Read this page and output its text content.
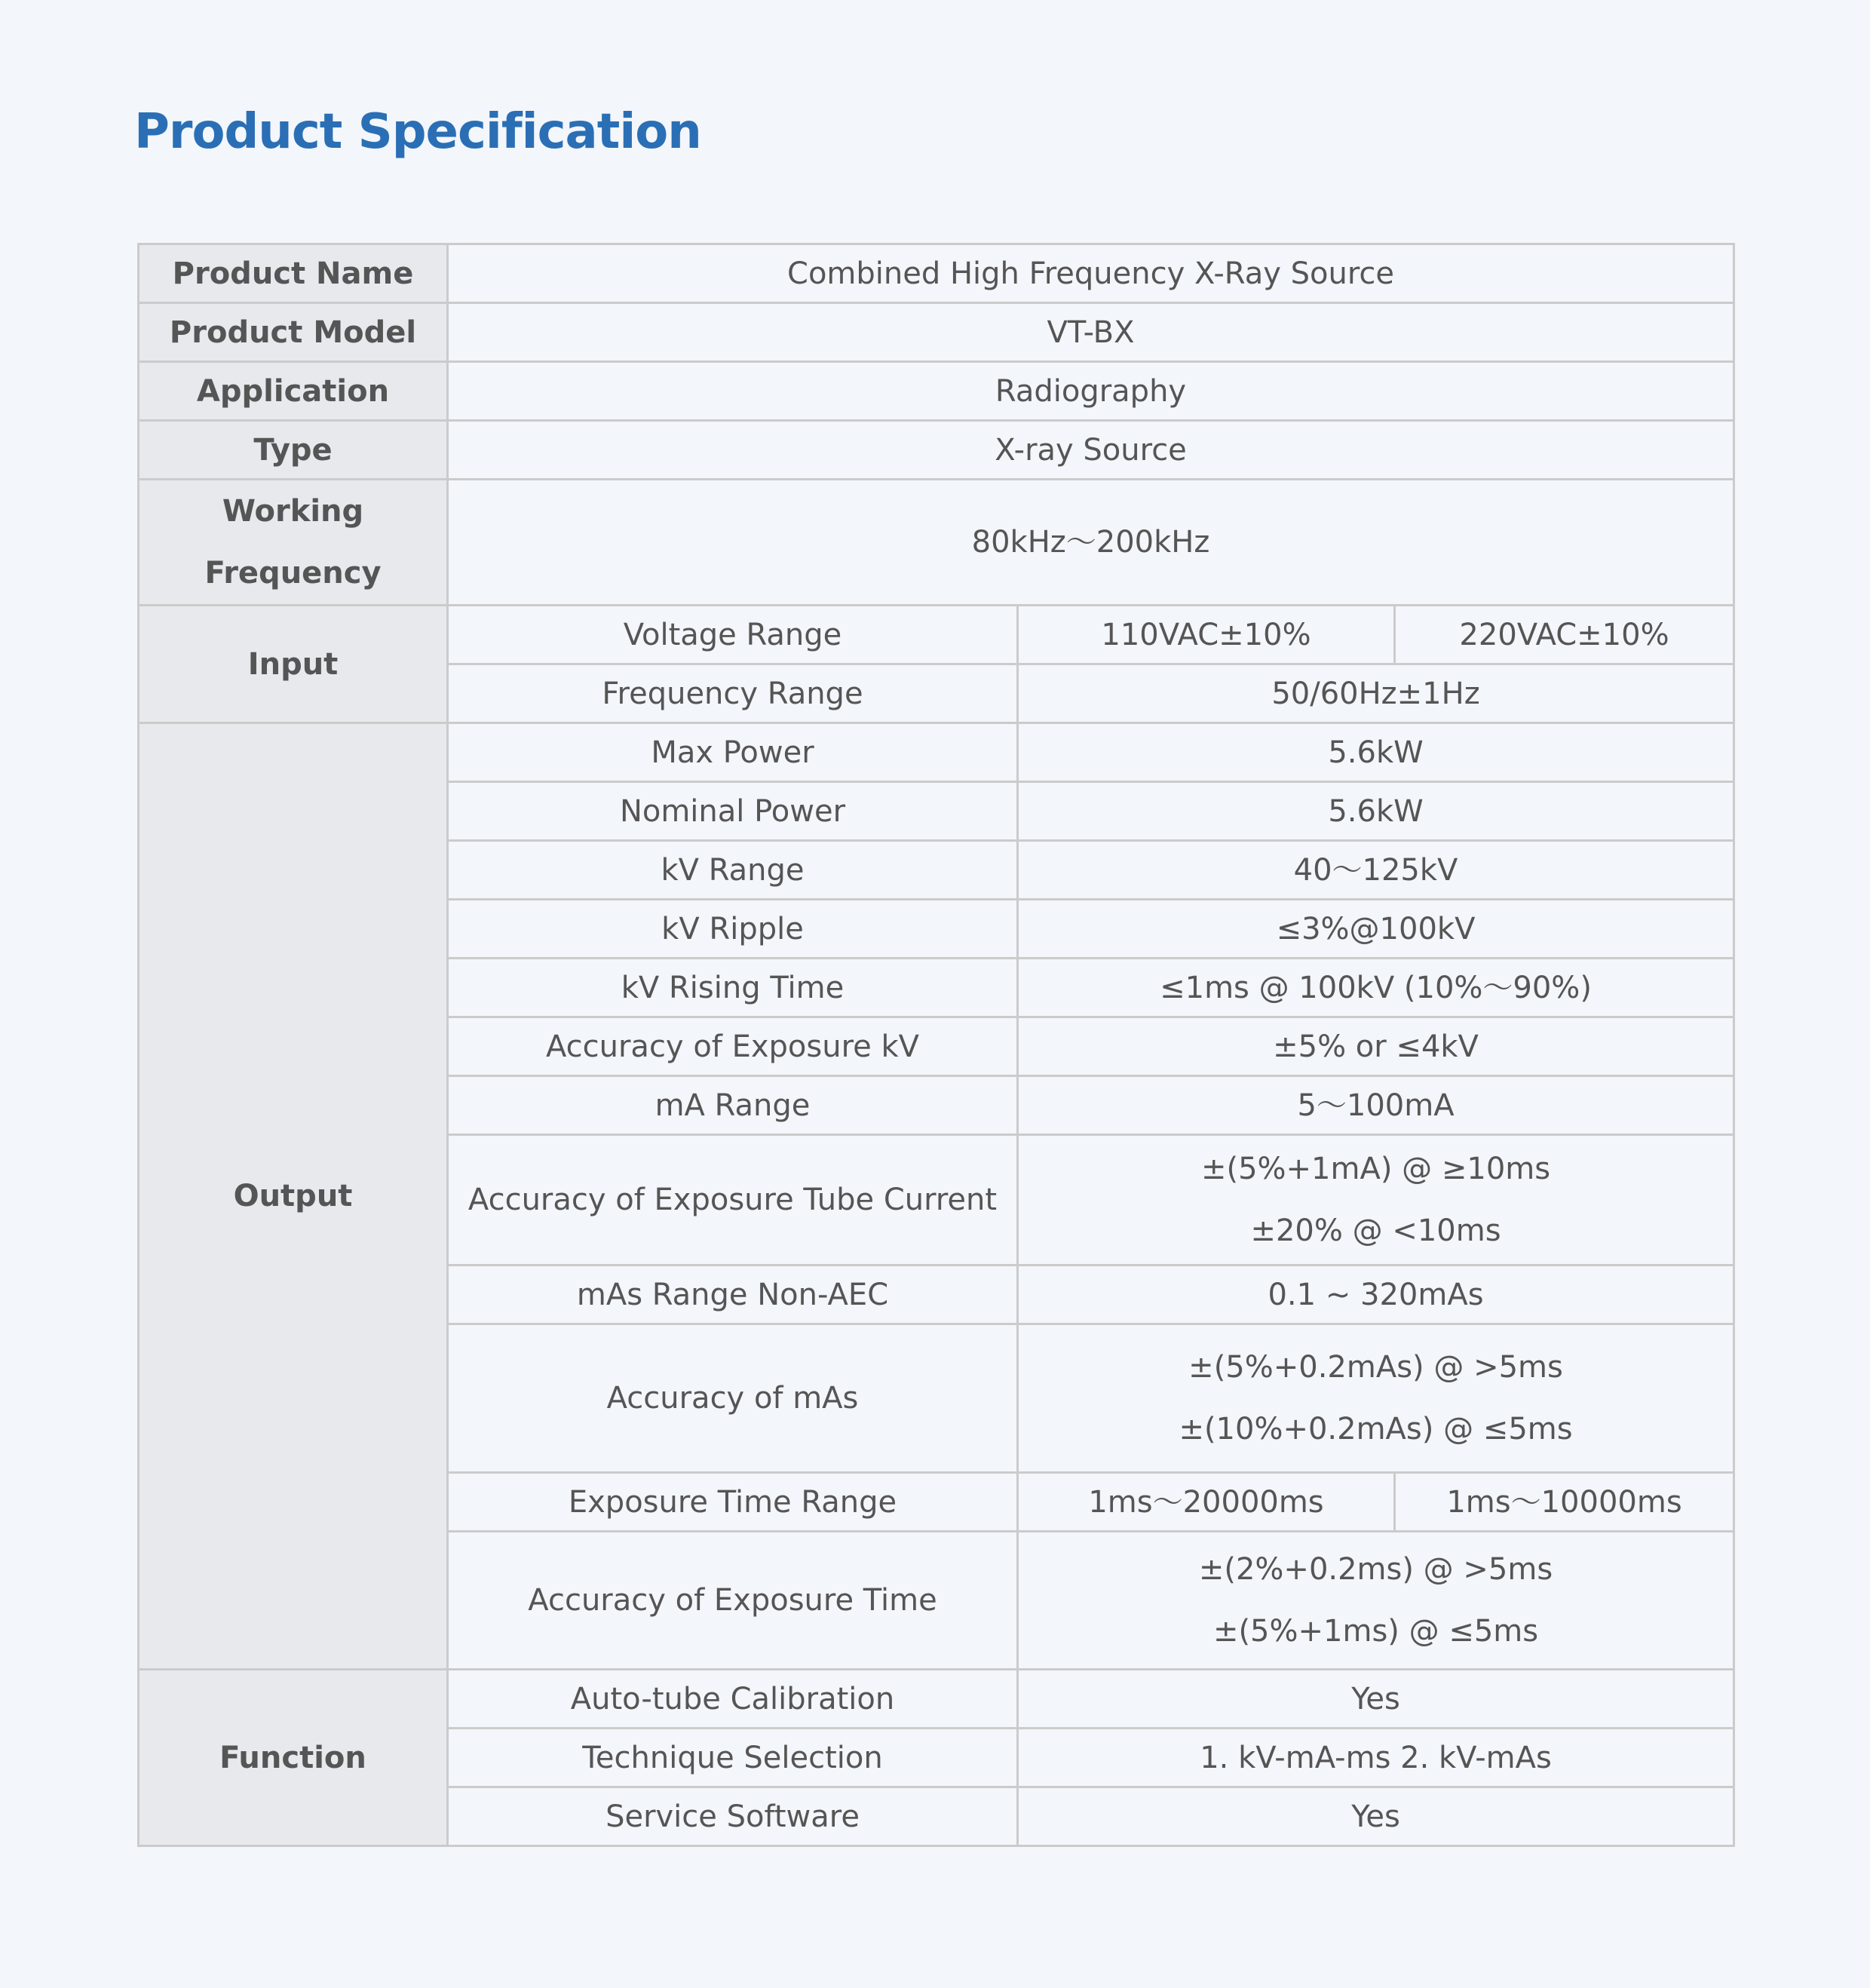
Product Specification
Product Name	Combined High Frequency X-Ray Source		
Product Model	VT-BX		
Application	Radiography		
Type	X-ray Source		

Working
Frequency	80kHz～200kHz		
Input	Voltage Range	110VAC±10%	220VAC±10%
	Frequency Range	50/60Hz±1Hz	
Output	Max Power	5.6kW	
	Nominal Power	5.6kW	
	kV Range	40～125kV	
	kV Ripple	≤3%@100kV	
	kV Rising Time	≤1ms @ 100kV (10%～90%)	
	Accuracy of Exposure kV	±5% or ≤4kV	
	mA Range	5～100mA	
	Accuracy of Exposure Tube Current	±(5%+1mA) @ ≥10ms
±20% @ <10ms	

	mAs Range Non-AEC	0.1 ~ 320mAs	
	Accuracy of mAs	±(5%+0.2mAs) @ >5ms
±(10%+0.2mAs) @ ≤5ms	

	Exposure Time Range	1ms～20000ms	1ms～10000ms
	Accuracy of Exposure Time	±(2%+0.2ms) @ >5ms
±(5%+1ms) @ ≤5ms	

Function	Auto-tube Calibration	Yes	
	Technique Selection	1. kV-mA-ms 2. kV-mAs	
	Service Software	Yes	
